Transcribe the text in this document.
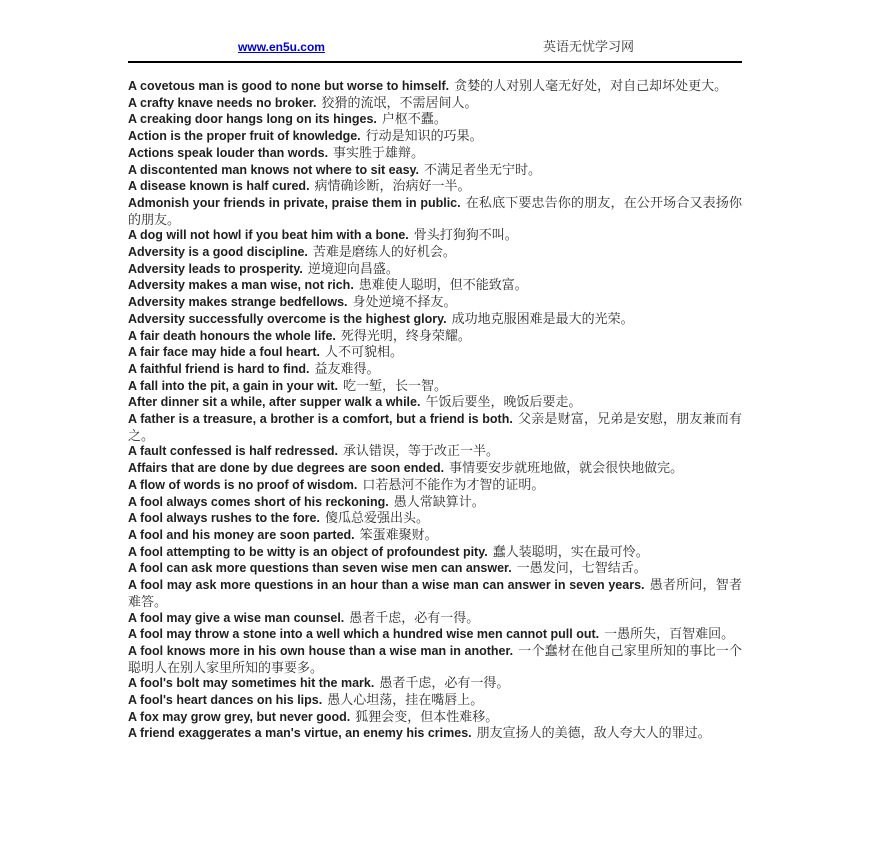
www.en5u.com	英语无忧学习网

A covetous man is good to none but worse to himself. 贪婪的人对别人毫无好处，对自己却坏处更大。

A crafty knave needs no broker. 狡猾的流氓，不需居间人。

A creaking door hangs long on its hinges. 户枢不蠹。

Action is the proper fruit of knowledge. 行动是知识的巧果。

Actions speak louder than words. 事实胜于雄辩。

A discontented man knows not where to sit easy. 不满足者坐无宁时。

A disease known is half cured. 病情确诊断，治病好一半。

Admonish your friends in private, praise them in public. 在私底下要忠告你的朋友，在公开场合又表扬你的朋友。

A dog will not howl if you beat him with a bone. 骨头打狗狗不叫。

Adversity is a good discipline. 苦难是磨练人的好机会。

Adversity leads to prosperity. 逆境迎向昌盛。

Adversity makes a man wise, not rich. 患难使人聪明，但不能致富。

Adversity makes strange bedfellows. 身处逆境不择友。

Adversity successfully overcome is the highest glory. 成功地克服困难是最大的光荣。

A fair death honours the whole life. 死得光明，终身荣耀。

A fair face may hide a foul heart. 人不可貌相。

A faithful friend is hard to find. 益友难得。

A fall into the pit, a gain in your wit. 吃一堑，长一智。

After dinner sit a while, after supper walk a while. 午饭后要坐，晚饭后要走。

A father is a treasure, a brother is a comfort, but a friend is both. 父亲是财富，兄弟是安慰，朋友兼而有之。

A fault confessed is half redressed. 承认错误，等于改正一半。

Affairs that are done by due degrees are soon ended. 事情要安步就班地做，就会很快地做完。

A flow of words is no proof of wisdom. 口若悬河不能作为才智的证明。

A fool always comes short of his reckoning. 愚人常缺算计。

A fool always rushes to the fore. 傻瓜总爱强出头。

A fool and his money are soon parted. 笨蛋难聚财。

A fool attempting to be witty is an object of profoundest pity. 蠢人装聪明，实在最可怜。

A fool can ask more questions than seven wise men can answer. 一愚发问，七智结舌。

A fool may ask more questions in an hour than a wise man can answer in seven years. 愚者所问，智者难答。

A fool may give a wise man counsel. 愚者千虑，必有一得。

A fool may throw a stone into a well which a hundred wise men cannot pull out. 一愚所失，百智难回。

A fool knows more in his own house than a wise man in another. 一个蠢材在他自己家里所知的事比一个聪明人在别人家里所知的事要多。

A fool's bolt may sometimes hit the mark. 愚者千虑，必有一得。

A fool's heart dances on his lips. 愚人心坦荡，挂在嘴唇上。

A fox may grow grey, but never good. 狐狸会变，但本性难移。

A friend exaggerates a man's virtue, an enemy his crimes. 朋友宣扬人的美德，敌人夸大人的罪过。
